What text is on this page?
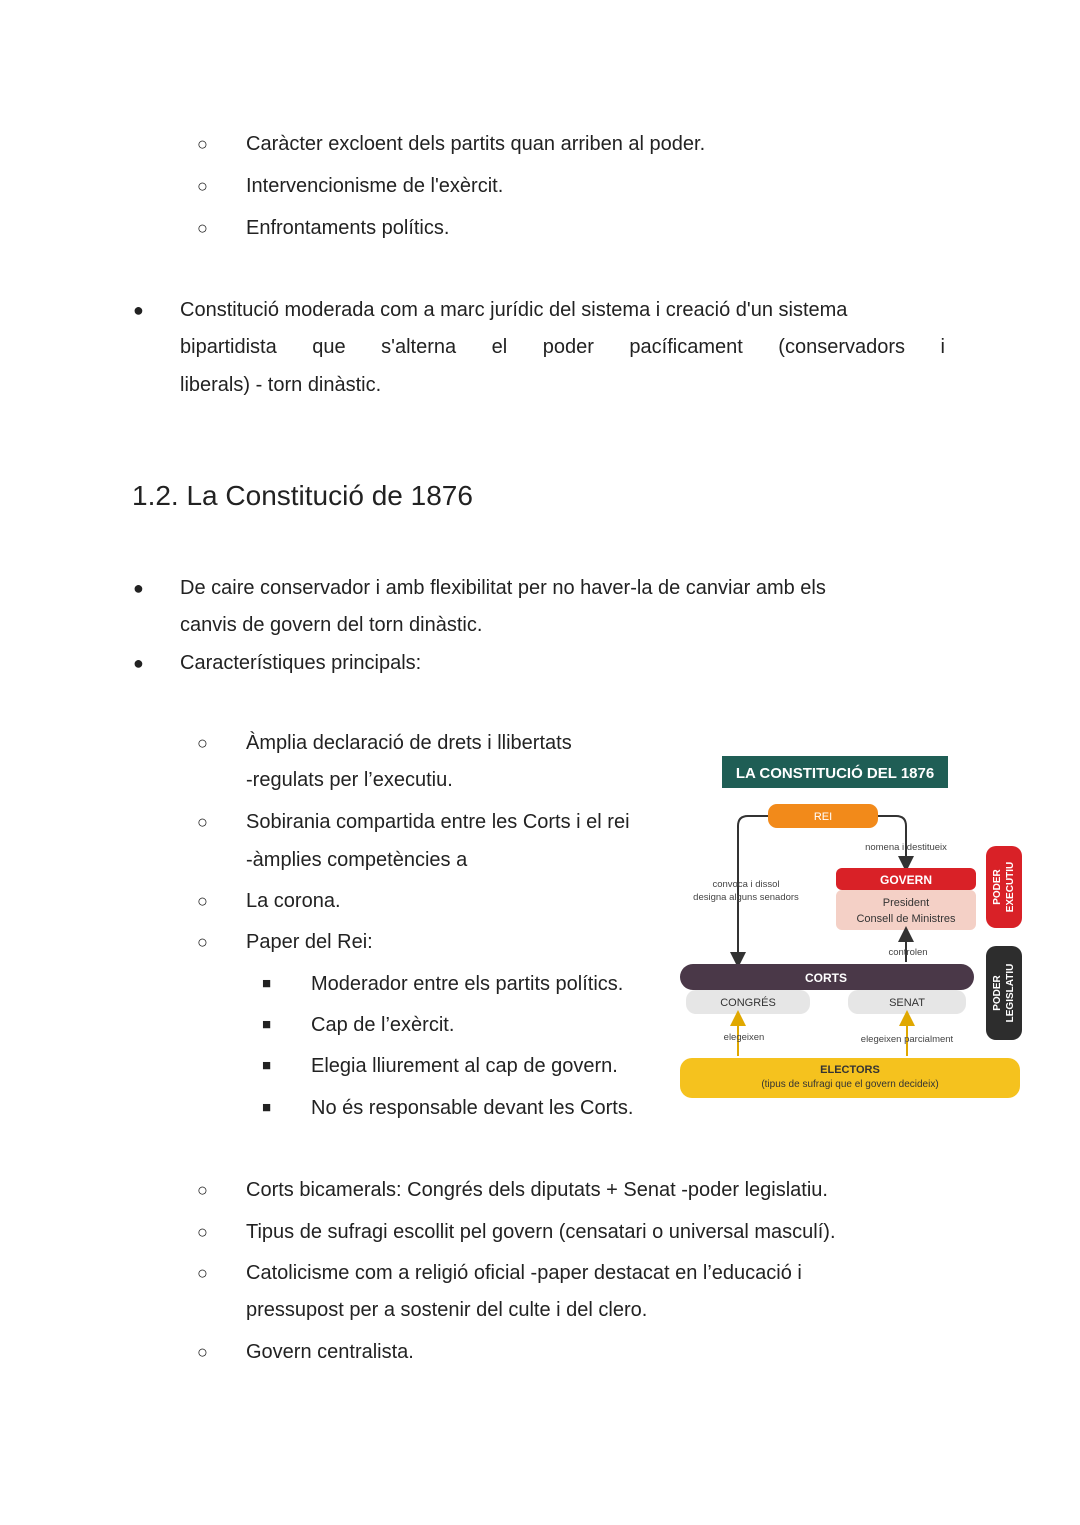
○ Caràcter excloent dels partits quan arriben al poder.
○ Intervencionisme de l'exèrcit.
○ Enfrontaments polítics.
● Constitució moderada com a marc jurídic del sistema i creació d'un sistema
bipartidista que s'alterna el poder pacíficament (conservadors i
liberals) - torn dinàstic.
1.2. La Constitució de 1876
● De caire conservador i amb flexibilitat per no haver-la de canviar amb els
canvis de govern del torn dinàstic.
● Característiques principals:
○ Àmplia declaració de drets i llibertats
-regulats per l’executiu.
○ Sobirania compartida entre les Corts i el rei
-àmplies competències a
○ La corona.
○ Paper del Rei:
■ Moderador entre els partits polítics.
■ Cap de l’exèrcit.
■ Elegia lliurement al cap de govern.
■ No és responsable devant les Corts.
○ Corts bicamerals: Congrés dels diputats + Senat -poder legislatiu.
○ Tipus de sufragi escollit pel govern (censatari o universal masculí).
○ Catolicisme com a religió oficial -paper destacat en l’educació i
pressupost per a sostenir del culte i del clero.
○ Govern centralista.
LA CONSTITUCIÓ DEL 1876
REI
nomena i destitueix
convoca i dissol
designa alguns senadors
GOVERN
President
Consell de Ministres
PODER EXECUTIU
controlen
CORTS
CONGRÉS	SENAT	PODER LEGISLATIU
elegeixen	elegeixen parcialment
ELECTORS
(tipus de sufragi que el govern decideix)
